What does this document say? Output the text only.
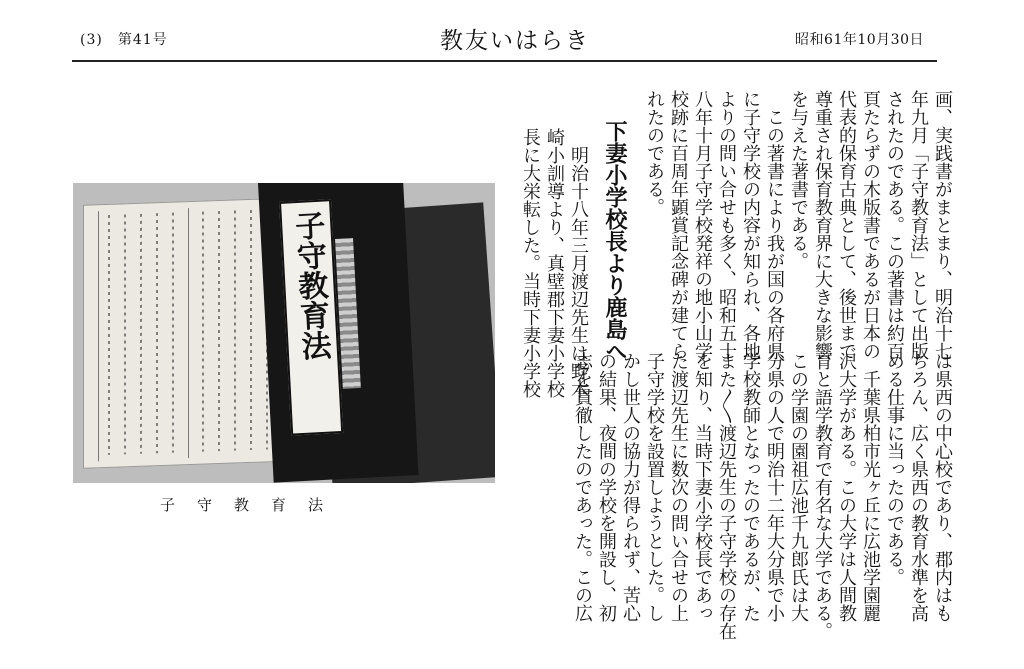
(3)　第41号	教友いはらき	昭和61年10月30日
子守教育法
子守教育法
画、実践書がまとまり、明治十七
年九月「子守教育法」として出版
されたのである。この著書は約百
頁たらずの木版書であるが日本の
代表的保育古典として、後世まで
尊重され保育教育界に大きな影響
を与えた著書である。
　この著書により我が国の各府県
に子守学校の内容が知られ、各地
よりの問い合せも多く、昭和五十
八年十月子守学校発祥の地小山学
校跡に百周年顕賞記念碑が建てら
れたのである。
下妻小学校長より鹿島へ
　明治十八年三月渡辺先生は野木
崎小訓導より、真壁郡下妻小学校
長に大栄転した。当時下妻小学校
は県西の中心校であり、郡内はも
ちろん、広く県西の教育水準を高
める仕事に当ったのである。
　千葉県柏市光ヶ丘に広池学園麗
沢大学がある。この大学は人間教
育と語学教育で有名な大学である。
この学園の園祖広池千九郎氏は大
分県の人で明治十二年大分県で小
学校教師となったのであるが、た
また〳〵渡辺先生の子守学校の存在
を知り、当時下妻小学校長であっ
た渡辺先生に数次の問い合せの上
子守学校を設置しようとした。し
かし世人の協力が得られず、苦心
の結果、夜間の学校を開設し、初
志を貫徹したのであった。この広
